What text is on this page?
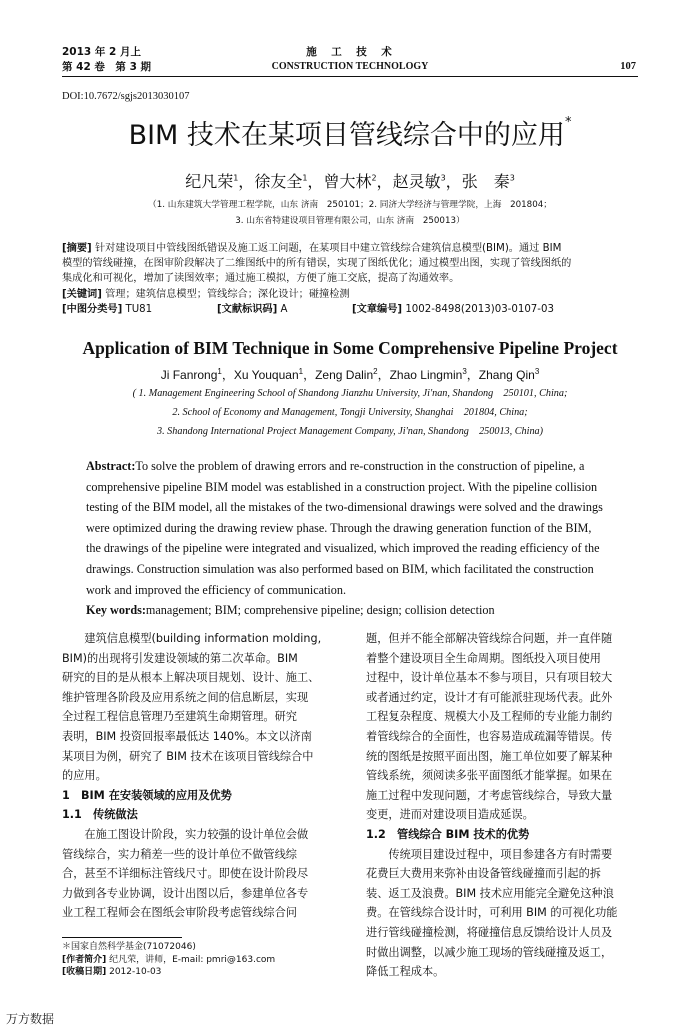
2013 年 2 月上
第 42 卷　第 3 期
施　工　技　术
CONSTRUCTION TECHNOLOGY	107
DOI:10.7672/sgjs2013030107
BIM 技术在某项目管线综合中的应用*
纪凡荣$^1$，徐友全$^1$，曾大林$^2$，赵灵敏$^3$，张　秦$^3$
（1. 山东建筑大学管理工程学院，山东 济南　250101；2. 同济大学经济与管理学院，上海　201804；
3. 山东省特建设项目管理有限公司，山东 济南　250013）
[摘要] 针对建设项目中管线图纸错误及施工返工问题，在某项目中建立管线综合建筑信息模型(BIM)。通过 BIM
模型的管线碰撞，在图审阶段解决了二维图纸中的所有错误，实现了图纸优化；通过模型出图，实现了管线图纸的
集成化和可视化，增加了读图效率；通过施工模拟，方便了施工交底，提高了沟通效率。
[关键词] 管理；建筑信息模型；管线综合；深化设计；碰撞检测
[中图分类号] TU81	[文献标识码] A	[文章编号] 1002-8498(2013)03-0107-03
Application of BIM Technique in Some Comprehensive Pipeline Project
Ji Fanrong$^1$，Xu Youquan$^1$，Zeng Dalin$^2$，Zhao Lingmin$^3$，Zhang Qin$^3$
( 1. Management Engineering School of Shandong Jianzhu University, Ji'nan, Shandong　250101, China;
2. School of Economy and Management, Tongji University, Shanghai　201804, China;
3. Shandong International Project Management Company, Ji'nan, Shandong　250013, China)
Abstract:To solve the problem of drawing errors and re-construction in the construction of pipeline, a
comprehensive pipeline BIM model was established in a construction project. With the pipeline collision
testing of the BIM model, all the mistakes of the two-dimensional drawings were solved and the drawings
were optimized during the drawing review phase. Through the drawing generation function of the BIM,
the drawings of the pipeline were integrated and visualized, which improved the reading efficiency of the
drawings. Construction simulation was also performed based on BIM, which facilitated the construction
work and improved the efficiency of communication.
Key words:management; BIM; comprehensive pipeline; design; collision detection
　　建筑信息模型(building information molding,
BIM)的出现将引发建设领域的第二次革命。BIM
研究的目的是从根本上解决项目规划、设计、施工、
维护管理各阶段及应用系统之间的信息断层，实现
全过程工程信息管理乃至建筑生命期管理。研究
表明，BIM 投资回报率最低达 140%。本文以济南
某项目为例，研究了 BIM 技术在该项目管线综合中
的应用。
1　BIM 在安装领域的应用及优势
1.1　传统做法
　　在施工图设计阶段，实力较强的设计单位会做
管线综合，实力稍差一些的设计单位不做管线综
合，甚至不详细标注管线尺寸。即使在设计阶段尽
力做到各专业协调，设计出图以后，参建单位各专
业工程工程师会在图纸会审阶段考虑管线综合问
题，但并不能全部解决管线综合问题，并一直伴随
着整个建设项目全生命周期。图纸投入项目使用
过程中，设计单位基本不参与项目，只有项目较大
或者通过约定，设计才有可能派驻现场代表。此外
工程复杂程度、规模大小及工程师的专业能力制约
着管线综合的全面性，也容易造成疏漏等错误。传
统的图纸是按照平面出图，施工单位如要了解某种
管线系统，须阅读多张平面图纸才能掌握。如果在
施工过程中发现问题，才考虑管线综合，导致大量
变更，进而对建设项目造成延误。
1.2　管线综合 BIM 技术的优势
　　传统项目建设过程中，项目参建各方有时需要
花费巨大费用来弥补由设备管线碰撞而引起的拆
装、返工及浪费。BIM 技术应用能完全避免这种浪
费。在管线综合设计时，可利用 BIM 的可视化功能
进行管线碰撞检测，将碰撞信息反馈给设计人员及
时做出调整，以减少施工现场的管线碰撞及返工，
降低工程成本。
＊国家自然科学基金(71072046)
[作者简介] 纪凡荣，讲师，E-mail: pmri@163.com
[收稿日期] 2012-10-03
万方数据
